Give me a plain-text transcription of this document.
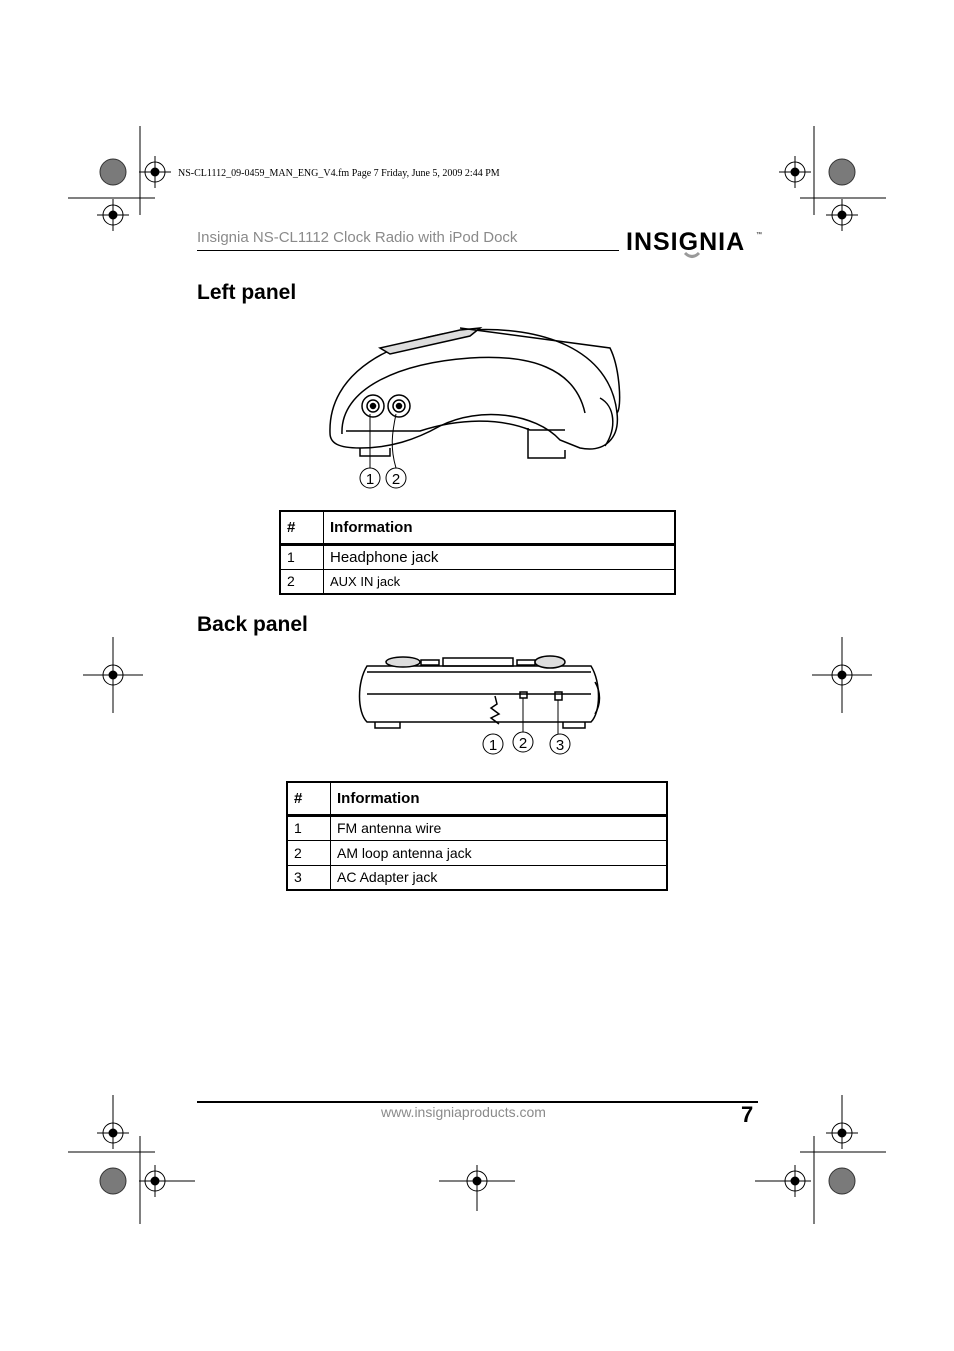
NS-CL1112_09-0459_MAN_ENG_V4.fm Page 7 Friday, June 5, 2009 2:44 PM
Insignia NS-CL1112 Clock Radio with iPod Dock	INSIGNIA ™
Left panel
1 2
#	Information
1	Headphone jack
2	AUX IN jack
Back panel
1 2 3
#	Information
1	FM antenna wire
2	AM loop antenna jack
3	AC Adapter jack
www.insigniaproducts.com	7
